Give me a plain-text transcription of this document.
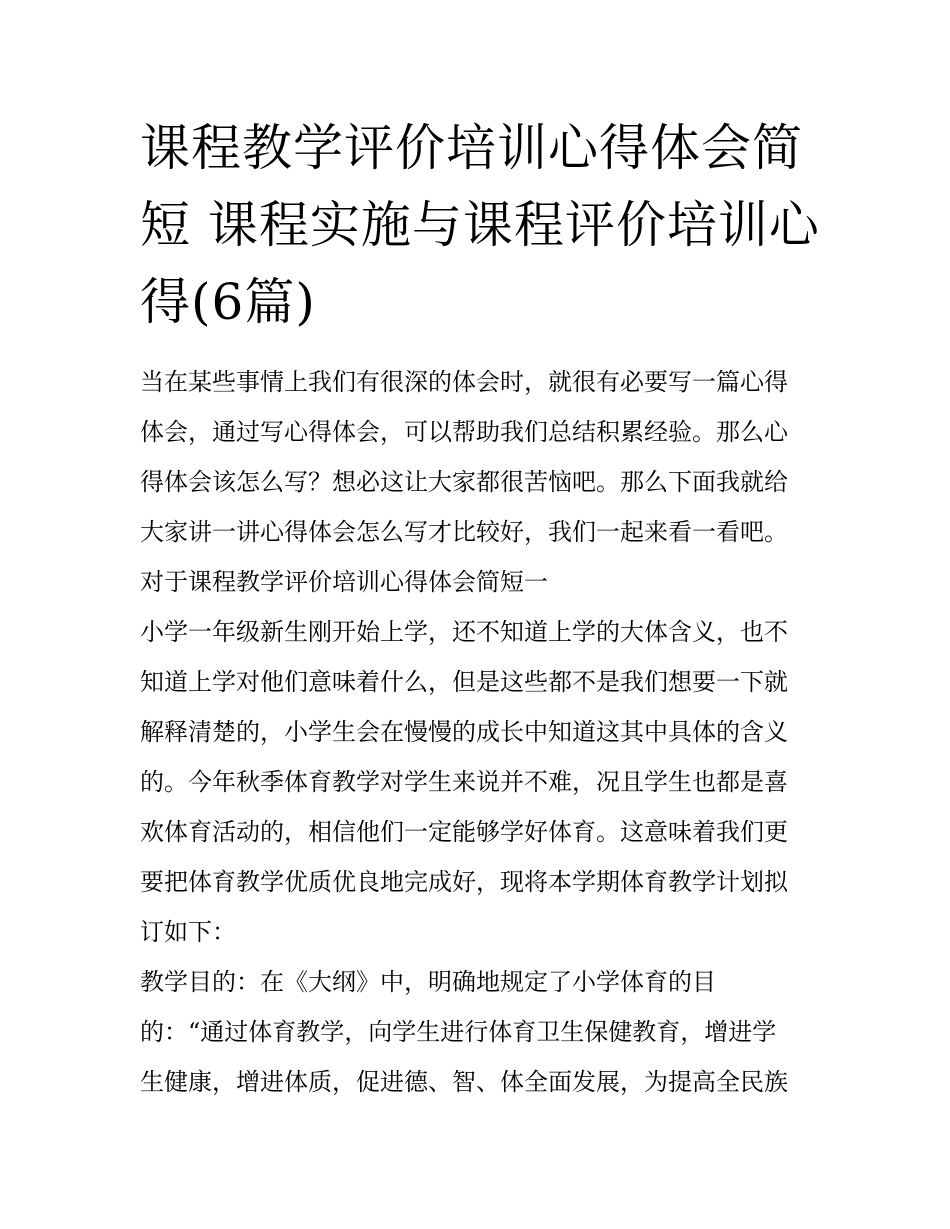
课程教学评价培训心得体会简
短 课程实施与课程评价培训心
得(6篇)
当在某些事情上我们有很深的体会时，就很有必要写一篇心得
体会，通过写心得体会，可以帮助我们总结积累经验。那么心
得体会该怎么写？想必这让大家都很苦恼吧。那么下面我就给
大家讲一讲心得体会怎么写才比较好，我们一起来看一看吧。
对于课程教学评价培训心得体会简短一
小学一年级新生刚开始上学，还不知道上学的大体含义，也不
知道上学对他们意味着什么，但是这些都不是我们想要一下就
解释清楚的，小学生会在慢慢的成长中知道这其中具体的含义
的。今年秋季体育教学对学生来说并不难，况且学生也都是喜
欢体育活动的，相信他们一定能够学好体育。这意味着我们更
要把体育教学优质优良地完成好，现将本学期体育教学计划拟
订如下：
教学目的：在《大纲》中，明确地规定了小学体育的目
的：“通过体育教学，向学生进行体育卫生保健教育，增进学
生健康，增进体质，促进德、智、体全面发展，为提高全民族
